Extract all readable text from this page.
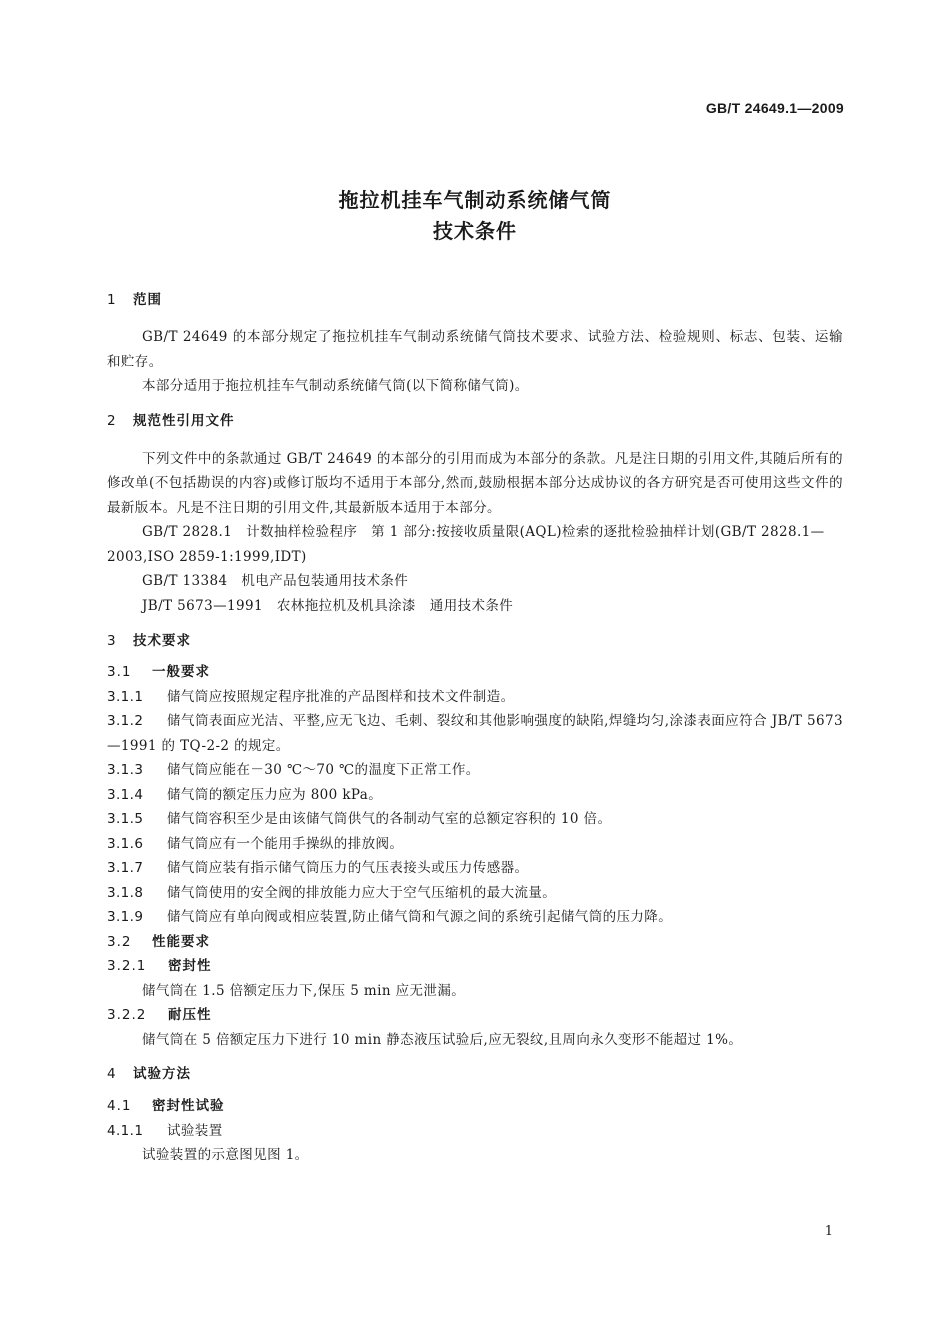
GB/T 24649.1—2009
拖拉机挂车气制动系统储气筒
技术条件
1 范围
GB/T 24649 的本部分规定了拖拉机挂车气制动系统储气筒技术要求、试验方法、检验规则、标志、包装、运输和贮存。
本部分适用于拖拉机挂车气制动系统储气筒(以下简称储气筒)。
2 规范性引用文件
下列文件中的条款通过 GB/T 24649 的本部分的引用而成为本部分的条款。凡是注日期的引用文件,其随后所有的修改单(不包括勘误的内容)或修订版均不适用于本部分,然而,鼓励根据本部分达成协议的各方研究是否可使用这些文件的最新版本。凡是不注日期的引用文件,其最新版本适用于本部分。
GB/T 2828.1　计数抽样检验程序　第 1 部分:按接收质量限(AQL)检索的逐批检验抽样计划(GB/T 2828.1—2003,ISO 2859-1:1999,IDT)
GB/T 13384　机电产品包装通用技术条件
JB/T 5673—1991　农林拖拉机及机具涂漆　通用技术条件
3 技术要求
3.1 一般要求
3.1.1 储气筒应按照规定程序批准的产品图样和技术文件制造。
3.1.2 储气筒表面应光洁、平整,应无飞边、毛刺、裂纹和其他影响强度的缺陷,焊缝均匀,涂漆表面应符合 JB/T 5673—1991 的 TQ-2-2 的规定。
3.1.3 储气筒应能在－30 ℃～70 ℃的温度下正常工作。
3.1.4 储气筒的额定压力应为 800 kPa。
3.1.5 储气筒容积至少是由该储气筒供气的各制动气室的总额定容积的 10 倍。
3.1.6 储气筒应有一个能用手操纵的排放阀。
3.1.7 储气筒应装有指示储气筒压力的气压表接头或压力传感器。
3.1.8 储气筒使用的安全阀的排放能力应大于空气压缩机的最大流量。
3.1.9 储气筒应有单向阀或相应装置,防止储气筒和气源之间的系统引起储气筒的压力降。
3.2 性能要求
3.2.1 密封性
储气筒在 1.5 倍额定压力下,保压 5 min 应无泄漏。
3.2.2 耐压性
储气筒在 5 倍额定压力下进行 10 min 静态液压试验后,应无裂纹,且周向永久变形不能超过 1%。
4 试验方法
4.1 密封性试验
4.1.1 试验装置
试验装置的示意图见图 1。
1
